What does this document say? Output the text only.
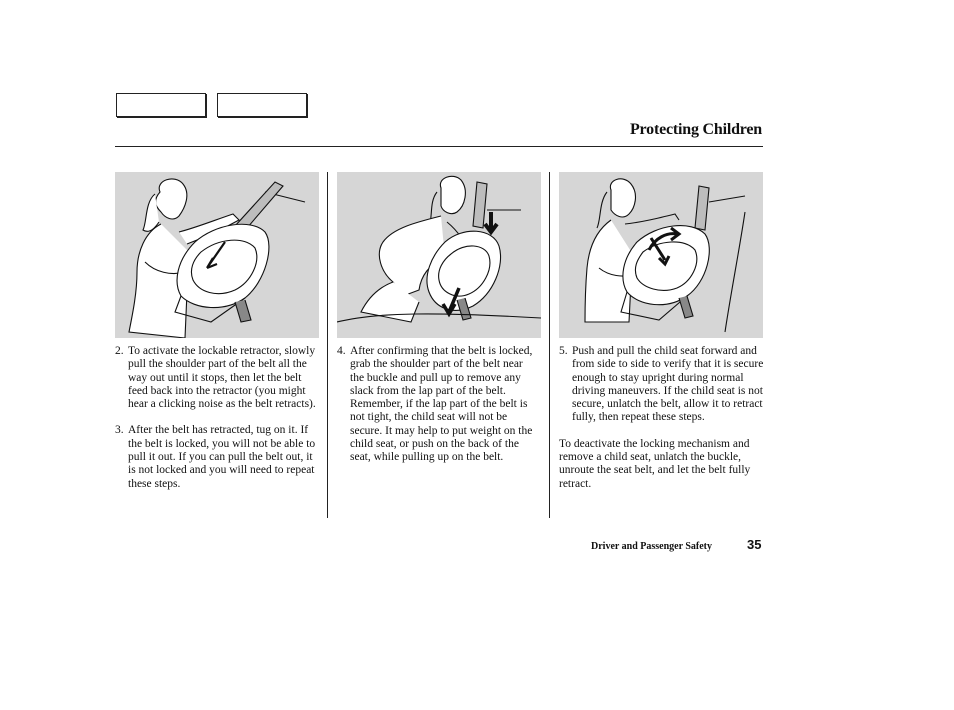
Protecting Children
2. To activate the lockable retractor, slowly pull the shoulder part of the belt all the way out until it stops, then let the belt feed back into the retractor (you might hear a clicking noise as the belt retracts).
3. After the belt has retracted, tug on it. If the belt is locked, you will not be able to pull it out. If you can pull the belt out, it is not locked and you will need to repeat these steps.
4. After confirming that the belt is locked, grab the shoulder part of the belt near the buckle and pull up to remove any slack from the lap part of the belt. Remember, if the lap part of the belt is not tight, the child seat will not be secure. It may help to put weight on the child seat, or push on the back of the seat, while pulling up on the belt.
5. Push and pull the child seat forward and from side to side to verify that it is secure enough to stay upright during normal driving maneuvers. If the child seat is not secure, unlatch the belt, allow it to retract fully, then repeat these steps.

To deactivate the locking mechanism and remove a child seat, unlatch the buckle, unroute the seat belt, and let the belt fully retract.

Driver and Passenger Safety	35
